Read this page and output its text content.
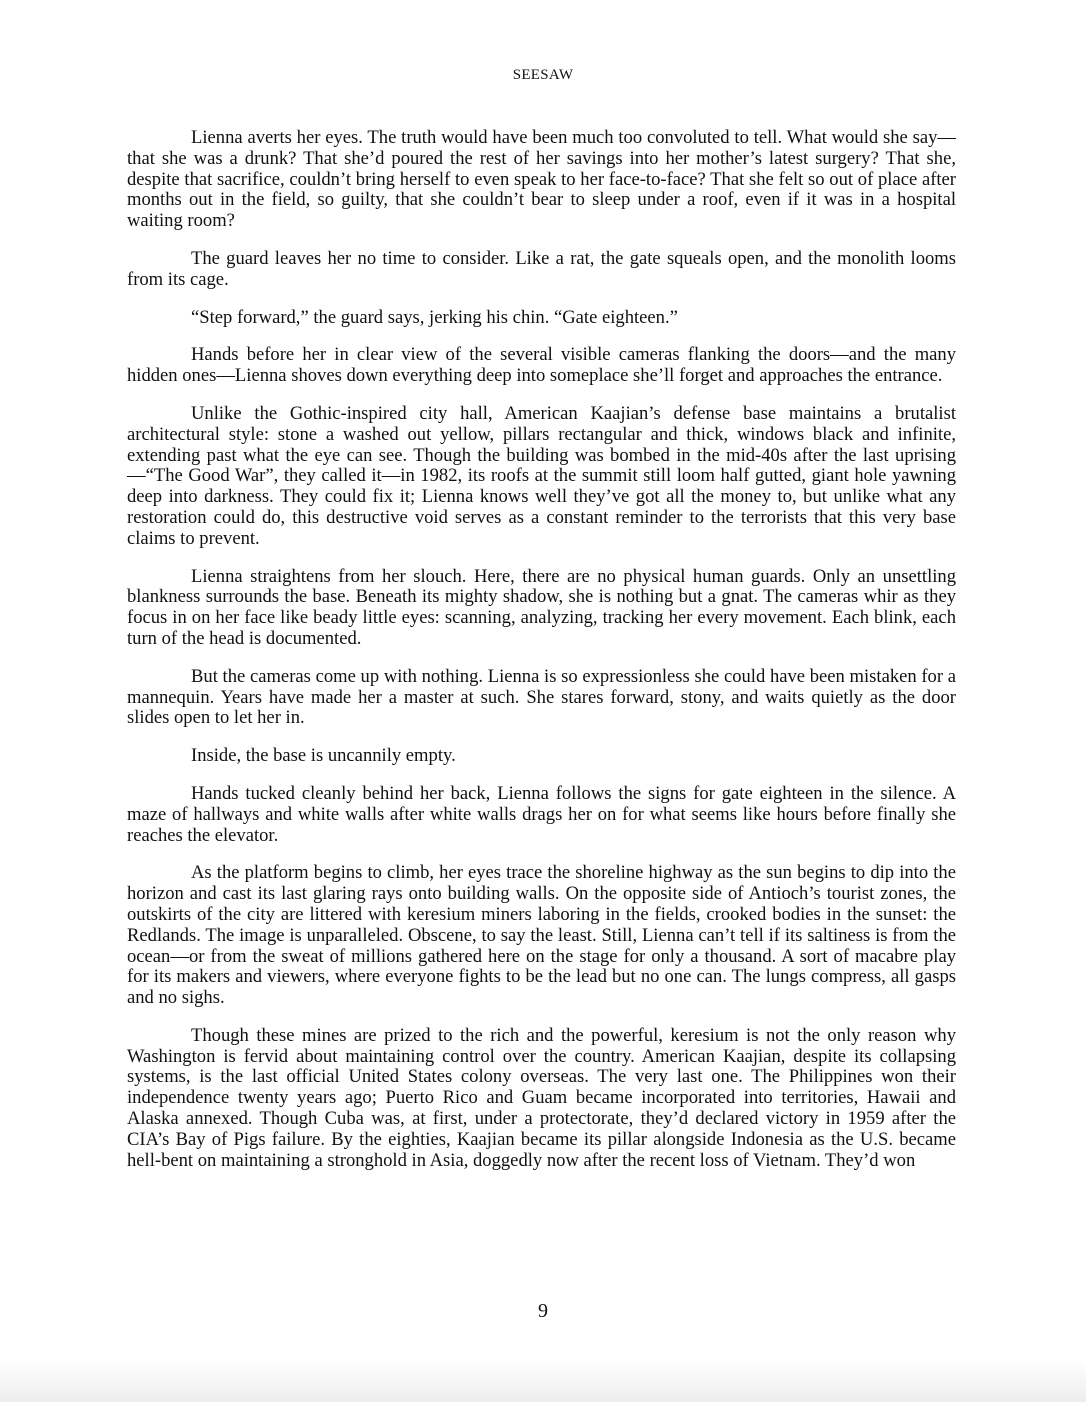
SEESAW

Lienna averts her eyes. The truth would have been much too convoluted to tell. What would she say—that she was a drunk? That she’d poured the rest of her savings into her mother’s latest surgery? That she, despite that sacrifice, couldn’t bring herself to even speak to her face-to-face? That she felt so out of place after months out in the field, so guilty, that she couldn’t bear to sleep under a roof, even if it was in a hospital waiting room?

The guard leaves her no time to consider. Like a rat, the gate squeals open, and the monolith looms from its cage.

“Step forward,” the guard says, jerking his chin. “Gate eighteen.”

Hands before her in clear view of the several visible cameras flanking the doors—and the many hidden ones—Lienna shoves down everything deep into someplace she’ll forget and approaches the entrance.

Unlike the Gothic-inspired city hall, American Kaajian’s defense base maintains a brutalist architectural style: stone a washed out yellow, pillars rectangular and thick, windows black and infinite, extending past what the eye can see. Though the building was bombed in the mid-40s after the last uprising—“The Good War”, they called it—in 1982, its roofs at the summit still loom half gutted, giant hole yawning deep into darkness. They could fix it; Lienna knows well they’ve got all the money to, but unlike what any restoration could do, this destructive void serves as a constant reminder to the terrorists that this very base claims to prevent.

Lienna straightens from her slouch. Here, there are no physical human guards. Only an unsettling blankness surrounds the base. Beneath its mighty shadow, she is nothing but a gnat. The cameras whir as they focus in on her face like beady little eyes: scanning, analyzing, tracking her every movement. Each blink, each turn of the head is documented.

But the cameras come up with nothing. Lienna is so expressionless she could have been mistaken for a mannequin. Years have made her a master at such. She stares forward, stony, and waits quietly as the door slides open to let her in.

Inside, the base is uncannily empty.

Hands tucked cleanly behind her back, Lienna follows the signs for gate eighteen in the silence. A maze of hallways and white walls after white walls drags her on for what seems like hours before finally she reaches the elevator.

As the platform begins to climb, her eyes trace the shoreline highway as the sun begins to dip into the horizon and cast its last glaring rays onto building walls. On the opposite side of Antioch’s tourist zones, the outskirts of the city are littered with keresium miners laboring in the fields, crooked bodies in the sunset: the Redlands. The image is unparalleled. Obscene, to say the least. Still, Lienna can’t tell if its saltiness is from the ocean—or from the sweat of millions gathered here on the stage for only a thousand. A sort of macabre play for its makers and viewers, where everyone fights to be the lead but no one can. The lungs compress, all gasps and no sighs.

Though these mines are prized to the rich and the powerful, keresium is not the only reason why Washington is fervid about maintaining control over the country. American Kaajian, despite its collapsing systems, is the last official United States colony overseas. The very last one. The Philippines won their independence twenty years ago; Puerto Rico and Guam became incorporated into territories, Hawaii and Alaska annexed. Though Cuba was, at first, under a protectorate, they’d declared victory in 1959 after the CIA’s Bay of Pigs failure. By the eighties, Kaajian became its pillar alongside Indonesia as the U.S. became hell-bent on maintaining a stronghold in Asia, doggedly now after the recent loss of Vietnam. They’d won

9
